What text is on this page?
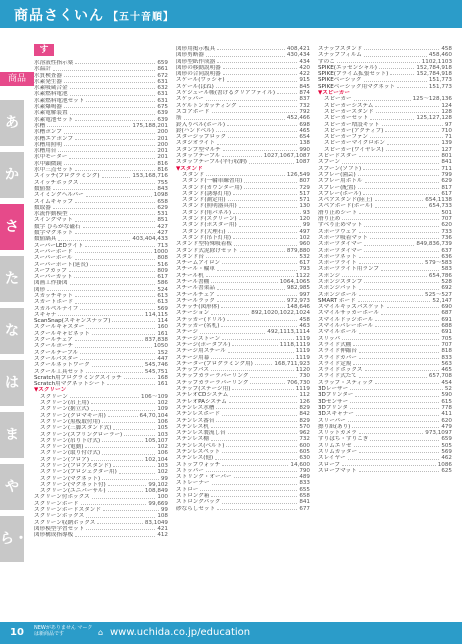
商品さくいん 【五十音順】
商品
あ
か
さ
た
な
は
ま
や
ら・わ
す
水溶液性指示薬	659
水温計	861
水質検査器	672
水素発生器	631
水素吸蔵合金	632
水素燃料電池	631
水素燃料電池セット	631
水素爆鳴器	675
水素電解装置	639
水素電池セット	639
水槽	175,188,201
水槽ポンプ	200
水槽エアポンプ	201
水槽用照明	200
水槽用台	201
水中モーター	201
水中顕微鏡	816
水中三点セット	816
スイッチ(プログラミング)	153,168,716
スイッチボックス	755
数値盤	843
スイミングヘルパー	1098
スイムキャップ	658
数取器	629
水流作動模型	531
スイングマット	851
数字 ひらがな磁石	427
数字マグネット	427
数値縞具	403,404,433
スーパーLEDライト	713
スーパーボード	1000
スーパーボール	808
スーパーポート(延長)	516
スープカップ	809
スーパーカット	617
図画工作掛図	586
図形	524
スカッチキット	613
スカートボード	613
スカルペルナイフ	569
スキャナ	114,115
ScanSnap(スキャンスナップ)	114
スクールキャスター	160
スクールキャビネット	161
スクールチェア	837,838
スクールポーチ	1050
スクールテーブル	152
スクールバスター	447
スクールネットワーク	545,746
スクール工具セット	545,751
Scratch用プログラミングスイッチ	168
Scratch用マグネットシート	161
▼スクリーン
スクリーン	106〜109
スクリーン(吊上用)	102
スクリーン(据立式)	109
スクリーン(クロマキー用)	64,70,104
スクリーン(黒板取付用)	106
スクリーン(三脚スタンド式)	105
スクリーン(スプリングローラー)	103
スクリーン(吊り下げ式)	105,107
スクリーン(電動)	102
スクリーン(取り付け式)	106
スクリーン(フロア)	102,104
スクリーン(フロアスタンド)	103
スクリーン(プロジェクター用)	102
スクリーン(マグネット)	99
スクリーン(マグネット付)	99,102
スクリーン(ユニバーサル)	108,849
スクリーン付ボックス	100
スクリーンボード	99,669
スクリーンボードスタンド	99
スクリーンボックス	108
スクリーン収納ボックス	83,1049
図形模型学習セット	421
図形構成指導板	412
図形用掲示板具	408,421
図形剪断器	430,434
図形型紙作成器	434
図形の移動説明器	420
図形の合同説明器	422
スケール(ワッシャ)	915
スケール(ばね)	845
スケジュール帳(書けるクリアファイル)	874
スケッパー	837
スケルトンカッティング	732
スコアボード	792
筋	452,466
鈴入りベル(ボール)	698
鈴(ハンドベル)	465
スタージップロック	654
スタジオライト	138
スタンプ型マルチ	990
スタッフテーブル	1027,1067,1087
スタッフテーブル(平行収納)	1087
▼スタンド
スタンド	126,549
スタンド(一輪車練習用)	807
スタンド(カウンター用)	729
スタンド(誘導灯用)	517
スタンド(測定用)	571
スタンド(照明器具用)	130
スタンド(角パネル)	93
スタンド(スクリーン)	120
スタンド(ポスター用)	99
スタンド(大理石)	497
スタンド(吊下灯用)	102
スタンド型特殊吸着板	960
スタンド式泥除けセット	879,880
スタンド台	532
スチームアイロン	617
スチール・輪車	793
スチール机	1122
スチール書棚	1064,1065
スチール書架品	982,985
スチールチェア	997
スチールラック	972,973
ステッチ(図形体)	148,646
ステーション	892,1020,1022,1024
ステッカー(ドリル)	458
ステッカー(名札)	463
ステージ	492,1113,1114
ステージストーン	1119
ステージ(ポータブル)	1118,1119
ステージ用スチール	1119
ステージ用幕	1119
ステーター(プログラミング用)	168,711,923
ステップバス	1120
ステップカラーラバーリング	730
ステップカラーラバーリング	706,730
ステップ(ステージ用)	1119
ステレオCDシステム	112
ステレオPAシステム	126
ステンレス水槽	829
ステンレスボード	842
ステンレス番台	829
ステンレス机	570
ステンレス製流し台	962
ステンレス棚	732
ステンレス(ベルト)	600
ステンレスペット	605
ステンレス(他)	630
ストップウォッチ	14,600
ストッパー	790
ストリング・オーバー	489
ストレーナー	833
ストロー	655
ストロング箱	658
ストロングパック	841
砂ならしセット	677
スナップスタンド	458
スナップフィルム	458,460
すのこ	1102,1103
SPIKE(エッセンシャル)	152,784,918
SPIKE(プライム拡張セット)	152,784,918
SPIKEベーシック	151,773
SPIKEベーシック用マグネット	151,773
▼スピーカー
スピーカー	125〜128,136
スピーカーシステム	124
スピーカースタンド	128
スピーカーセット	125,127,128
スピーカー増設キット	97
スピーカー(アクティブ)	710
スピーカーファン	71
スピーカーマイクロホン	139
スピーカー(ワイヤレス)	127
スピードスター	801
スプーン	841
スプーン(ソフト)	711
スプレー(園芸)	799
スプレー用ボトル	629
スプレー(配置)	817
スプレー(ボール)	617
スペアスタンド(陸上)	654,1138
スペアボード(ボール)	654,733
滑り止めシート	501
滑り止め	707
すべり止めマット	620
スポーツウェア	733
スポーツ吸着マット	736
スポーツタイマー	849,836,739
スポーツタイマー	637
スポーツネット	636
スポーツライト	579〜583
スポーツライト用ランプ	583
スポンジ	654,786
スポンジスタンプ	528
スポンジバット	692
スポンジボール	525〜527
SMART ボード	52,147
スマイルキッズバスケット	690
スマイルサッカーボール	687
スマイルドッジボール	691
スマイルバレーボール	688
スマイルボール	691
スリッパ	705
スライド式棚	707
スライド伸縮台	818
スライドカバー	833
スライド定規	563
スライドボックス	465
スライド式たて	657,708
スラップ・スティック	454
3Dレーザー	52
3Dプリンター	590
3Dセンサー	615
3Dプリンタ	778
3Dスキャナー	411
スリーパー	620
擦り紙(あり)	479
スリットカメラ	973,1097
すりばち・すりこぎ	659
スリムエリゼ	505
スリムカッター	569
スレイヤー	462
スロープ	1086
スロープマット	625
10 NEWがありません マークは新商品です	⌂ www.uchida.co.jp/education
